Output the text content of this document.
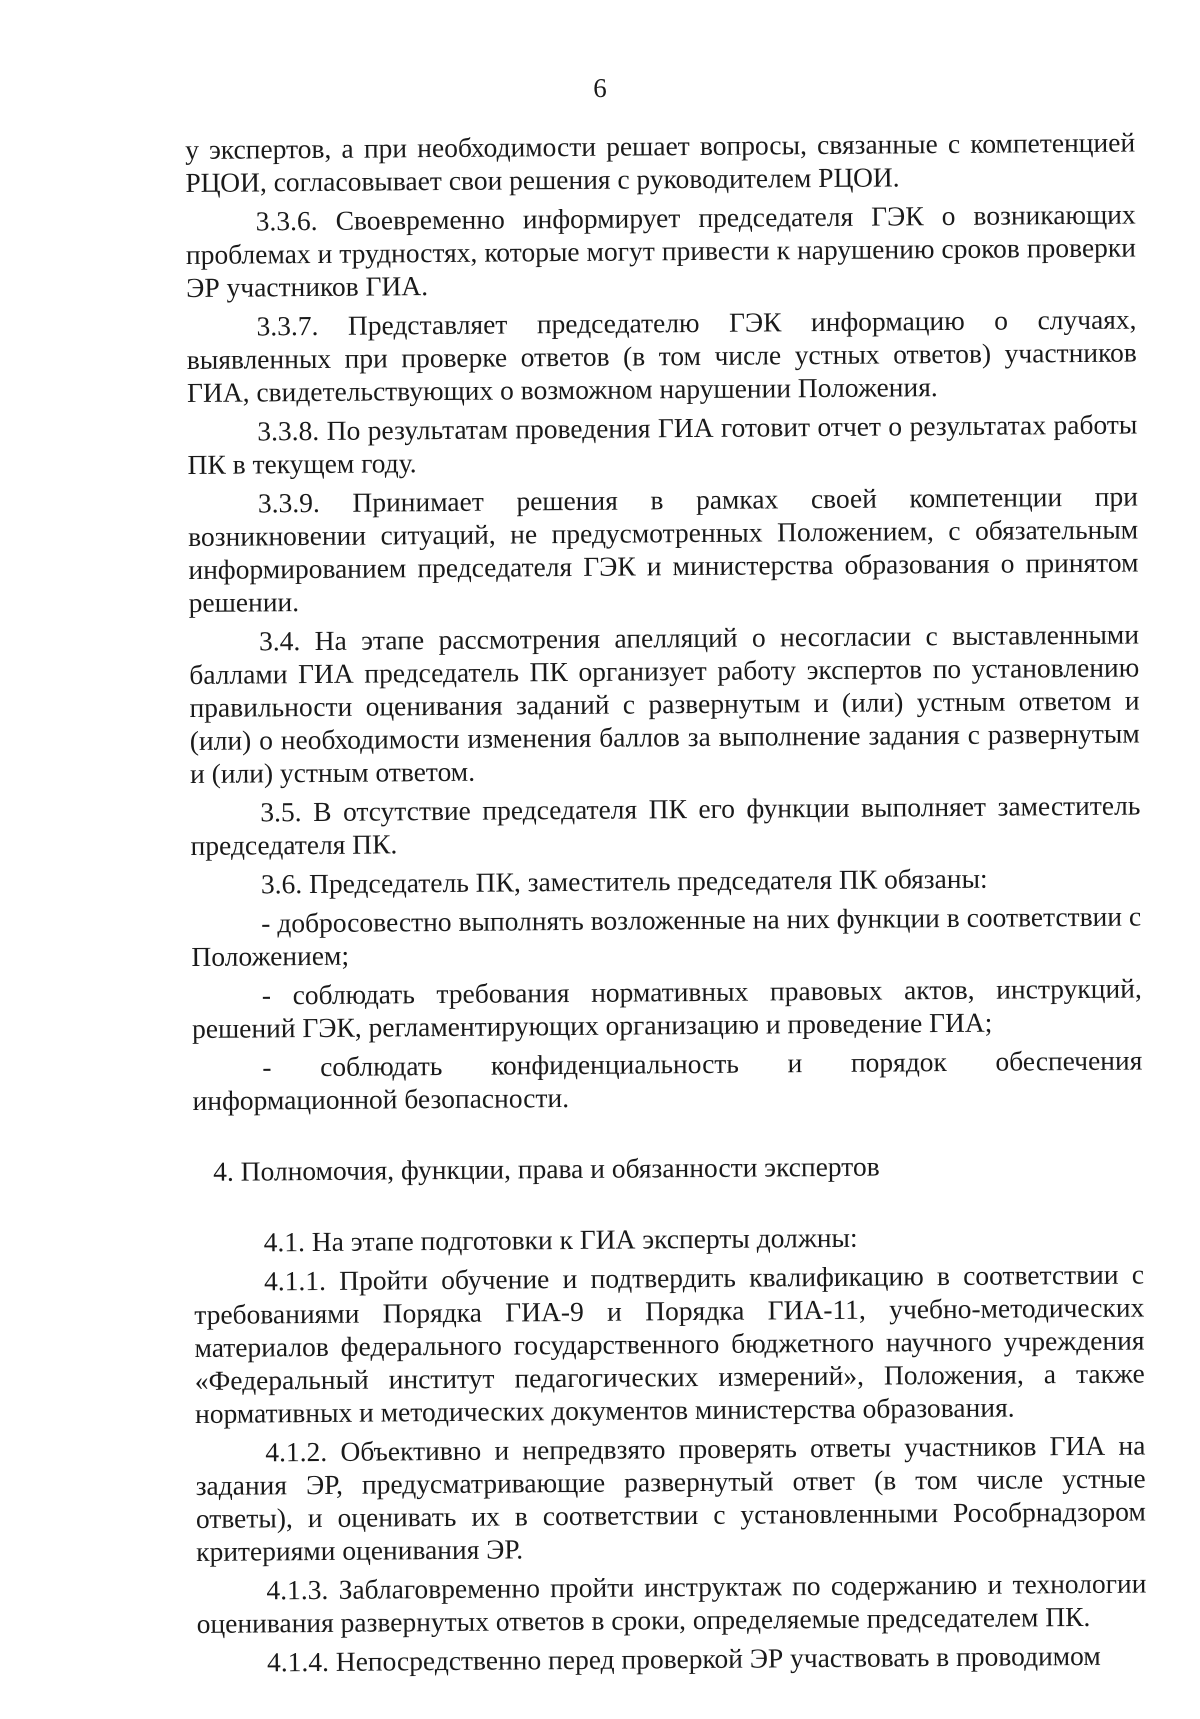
6

у экспертов, а при необходимости решает вопросы, связанные с компетенцией РЦОИ, согласовывает свои решения с руководителем РЦОИ.

3.3.6. Своевременно информирует председателя ГЭК о возникающих проблемах и трудностях, которые могут привести к нарушению сроков проверки ЭР участников ГИА.

3.3.7. Представляет председателю ГЭК информацию о случаях, выявленных при проверке ответов (в том числе устных ответов) участников ГИА, свидетельствующих о возможном нарушении Положения.

3.3.8. По результатам проведения ГИА готовит отчет о результатах работы ПК в текущем году.

3.3.9. Принимает решения в рамках своей компетенции при возникновении ситуаций, не предусмотренных Положением, с обязательным информированием председателя ГЭК и министерства образования о принятом решении.

3.4. На этапе рассмотрения апелляций о несогласии с выставленными баллами ГИА председатель ПК организует работу экспертов по установлению правильности оценивания заданий с развернутым и (или) устным ответом и (или) о необходимости изменения баллов за выполнение задания с развернутым и (или) устным ответом.

3.5. В отсутствие председателя ПК его функции выполняет заместитель председателя ПК.

3.6. Председатель ПК, заместитель председателя ПК обязаны:

- добросовестно выполнять возложенные на них функции в соответствии с Положением;

- соблюдать требования нормативных правовых актов, инструкций, решений ГЭК, регламентирующих организацию и проведение ГИА;

- соблюдать конфиденциальность и порядок обеспечения информационной безопасности.

4. Полномочия, функции, права и обязанности экспертов

4.1. На этапе подготовки к ГИА эксперты должны:

4.1.1. Пройти обучение и подтвердить квалификацию в соответствии с требованиями Порядка ГИА-9 и Порядка ГИА-11, учебно-методических материалов федерального государственного бюджетного научного учреждения «Федеральный институт педагогических измерений», Положения, а также нормативных и методических документов министерства образования.

4.1.2. Объективно и непредвзято проверять ответы участников ГИА на задания ЭР, предусматривающие развернутый ответ (в том числе устные ответы), и оценивать их в соответствии с установленными Рособрнадзором критериями оценивания ЭР.

4.1.3. Заблаговременно пройти инструктаж по содержанию и технологии оценивания развернутых ответов в сроки, определяемые председателем ПК.

4.1.4. Непосредственно перед проверкой ЭР участвовать в проводимом
